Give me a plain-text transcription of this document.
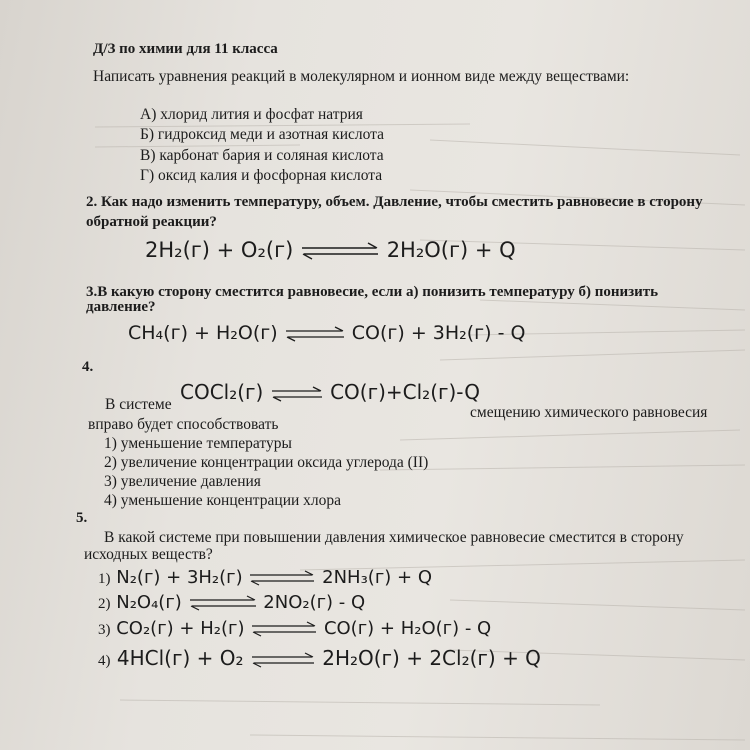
Д/З по химии для 11 класса
Написать уравнения реакций в молекулярном и ионном виде между веществами:
А) хлорид лития и фосфат натрия
Б) гидроксид меди и азотная кислота
В) карбонат бария и соляная кислота
Г) оксид калия и фосфорная кислота
2. Как надо изменить температуру, объем. Давление, чтобы сместить равновесие в сторону
обратной реакции?
2H₂(г) + O₂(г) ⇌ 2H₂O(г) + Q
3.В какую сторону сместится равновесие, если а) понизить температуру б) понизить
давление?
CH₄(г) + H₂O(г) ⇌ CO(г) + 3H₂(г) - Q
4.
В системе
COCl₂(г) ⇌ CO(г)+Cl₂(г)-Q
смещению химического равновесия
вправо будет способствовать
1) уменьшение температуры
2) увеличение концентрации оксида углерода (II)
3) увеличение давления
4) уменьшение концентрации хлора
5.
В какой системе при повышении давления химическое равновесие сместится в сторону
исходных веществ?
1) N₂(г) + 3H₂(г) ⇌ 2NH₃(г) + Q
2) N₂O₄(г) ⇌ 2NO₂(г) - Q
3) CO₂(г) + H₂(г) ⇌ CO(г) + H₂O(г) - Q
4) 4HCl(г) + O₂ ⇌ 2H₂O(г) + 2Cl₂(г) + Q
